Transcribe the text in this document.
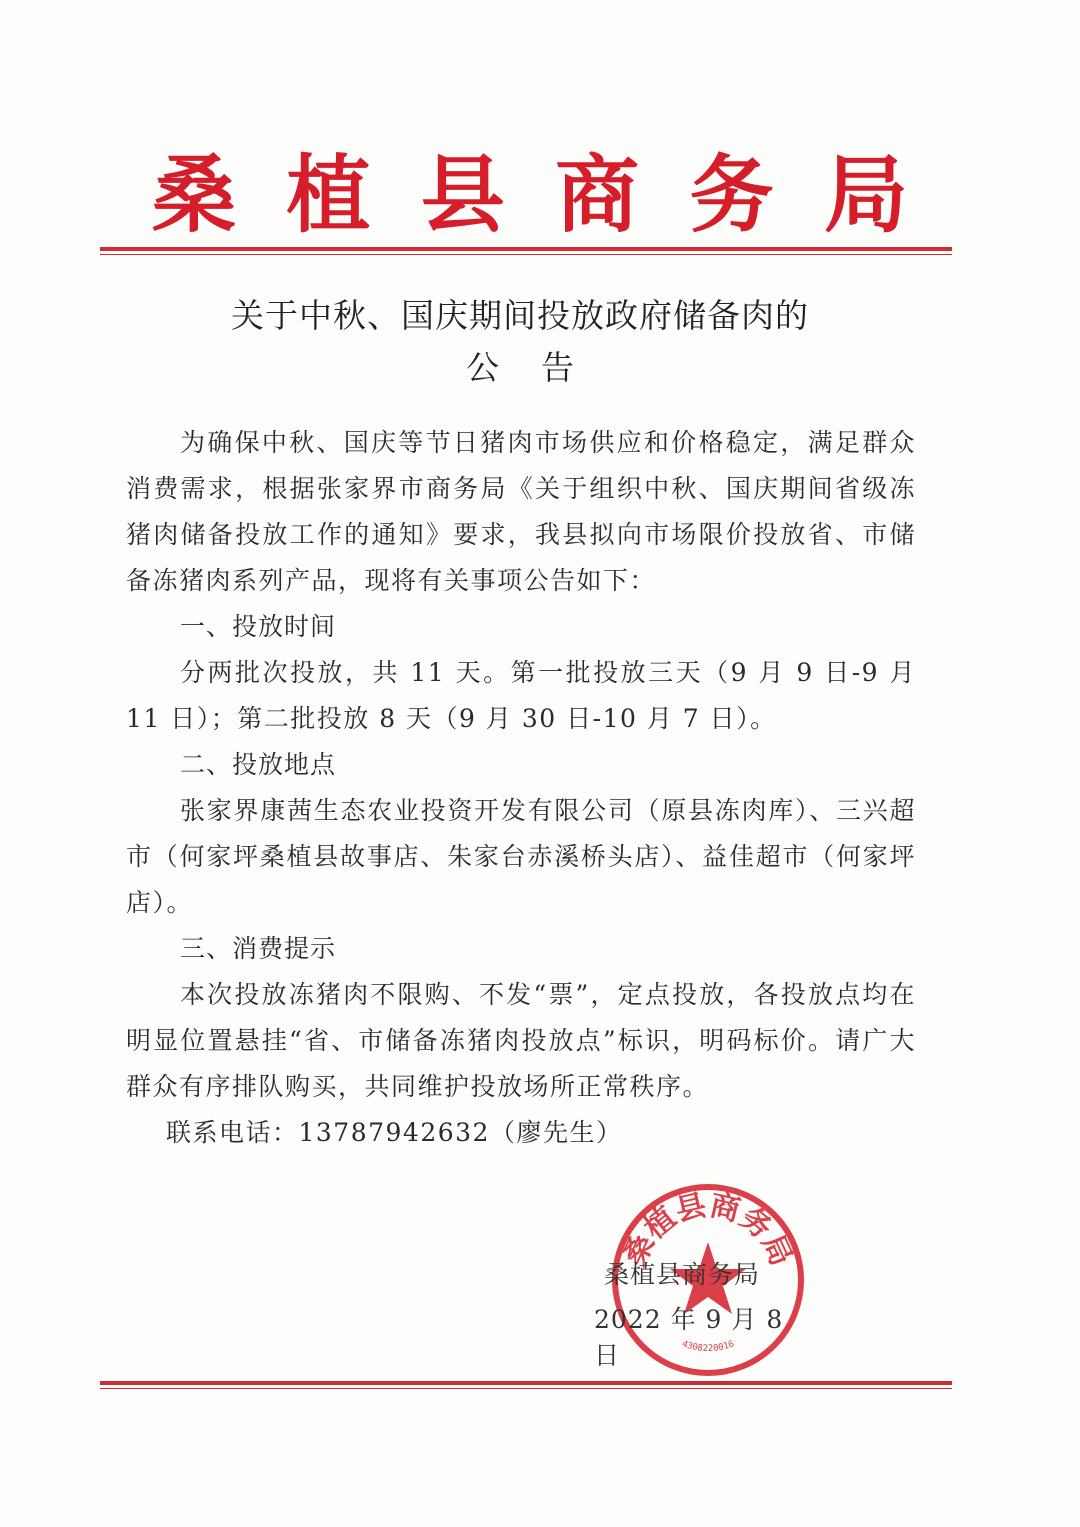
桑 植 县 商 务 局
关于中秋、国庆期间投放政府储备肉的
公告

为确保中秋、国庆等节日猪肉市场供应和价格稳定，满足群众消费需求，根据张家界市商务局《关于组织中秋、国庆期间省级冻猪肉储备投放工作的通知》要求，我县拟向市场限价投放省、市储备冻猪肉系列产品，现将有关事项公告如下：

一、投放时间

分两批次投放，共 11 天。第一批投放三天（9 月 9 日-9 月 11 日）；第二批投放 8 天（9 月 30 日-10 月 7 日）。

二、投放地点

张家界康茜生态农业投资开发有限公司（原县冻肉库）、三兴超市（何家坪桑植县故事店、朱家台赤溪桥头店）、益佳超市（何家坪店）。

三、消费提示

本次投放冻猪肉不限购、不发“票”，定点投放，各投放点均在明显位置悬挂“省、市储备冻猪肉投放点”标识，明码标价。请广大群众有序排队购买，共同维护投放场所正常秩序。

联系电话：13787942632（廖先生）

桑植县商务局
4308220016
桑植县商务局
2022 年 9 月 8 日
